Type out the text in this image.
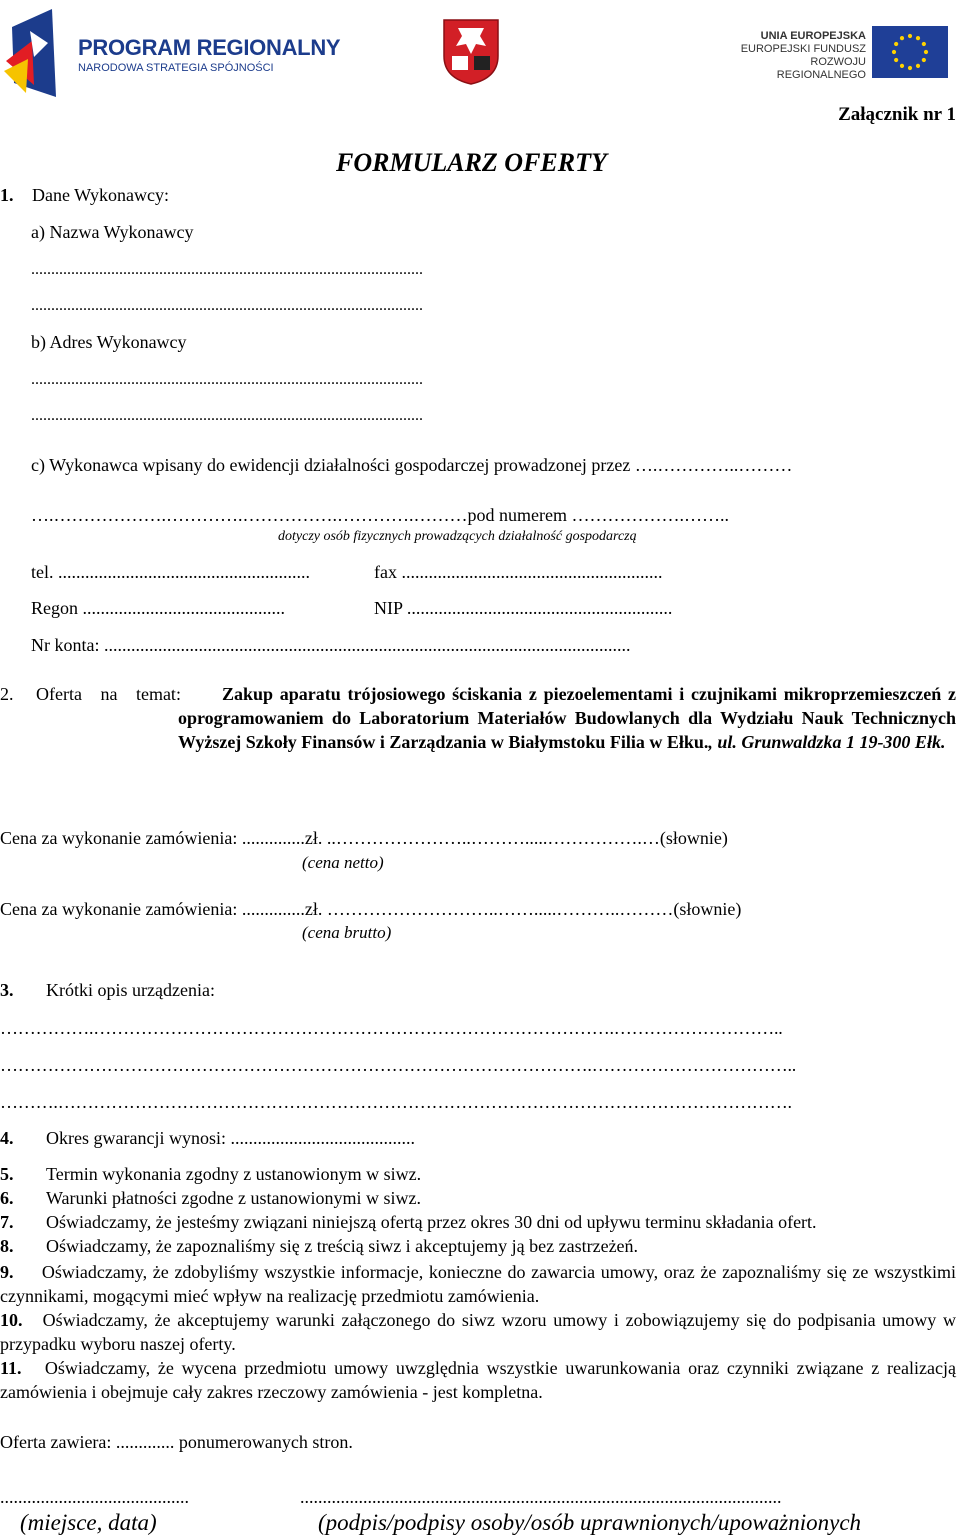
PROGRAM REGIONALNY
NARODOWA STRATEGIA SPÓJNOŚCI
UNIA EUROPEJSKA
EUROPEJSKI FUNDUSZ
ROZWOJU REGIONALNEGO
Załącznik nr 1
FORMULARZ OFERTY
1. Dane Wykonawcy:
a) Nazwa Wykonawcy
..................................................................................................
..................................................................................................
b) Adres Wykonawcy
..................................................................................................
..................................................................................................
c) Wykonawca wpisany do ewidencji działalności gospodarczej prowadzonej przez ….…………..………
….……………….………….…………….………….………pod numerem ……………….……..
dotyczy osób fizycznych prowadzących działalność gospodarczą
tel. ........................................................	fax ..........................................................
Regon .............................................	NIP ...........................................................
Nr konta: .....................................................................................................................
2. Oferta na temat:	Zakup aparatu trójosiowego ściskania z piezoelementami i czujnikami mikroprzemieszczeń z oprogramowaniem do Laboratorium Materiałów Budowlanych dla Wydziału Nauk Technicznych Wyższej Szkoły Finansów i Zarządzania w Białymstoku Filia w Ełku., ul. Grunwaldzka 1 19-300 Ełk.
Cena za wykonanie zamówienia: ..............zł. ..…………………..……….....…………….…(słownie)
(cena netto)
Cena za wykonanie zamówienia: ..............zł. ………………………..…….....………..………(słownie)
(cena brutto)
3. Krótki opis urządzenia:
…………….…………………………………………………………………………….………………………..
……………………………………………………………………………………….……………………………..
……….…………………………………………………………………………………………………………….
4. Okres gwarancji wynosi: .........................................
5. Termin wykonania zgodny z ustanowionym w siwz.
6. Warunki płatności zgodne z ustanowionymi w siwz.
7. Oświadczamy, że jesteśmy związani niniejszą ofertą przez okres 30 dni od upływu terminu składania ofert.
8. Oświadczamy, że zapoznaliśmy się z treścią siwz i akceptujemy ją bez zastrzeżeń.
9. Oświadczamy, że zdobyliśmy wszystkie informacje, konieczne do zawarcia umowy, oraz że zapoznaliśmy się ze wszystkimi czynnikami, mogącymi mieć wpływ na realizację przedmiotu zamówienia.
10. Oświadczamy, że akceptujemy warunki załączonego do siwz wzoru umowy i zobowiązujemy się do podpisania umowy w przypadku wyboru naszej oferty.
11. Oświadczamy, że wycena przedmiotu umowy uwzględnia wszystkie uwarunkowania oraz czynniki związane z realizacją zamówienia i obejmuje cały zakres rzeczowy zamówienia - jest kompletna.
Oferta zawiera: ............. ponumerowanych stron.
..........................................	...........................................................................................................
(miejsce, data)	(podpis/podpisy osoby/osób uprawnionych/upoważnionych
